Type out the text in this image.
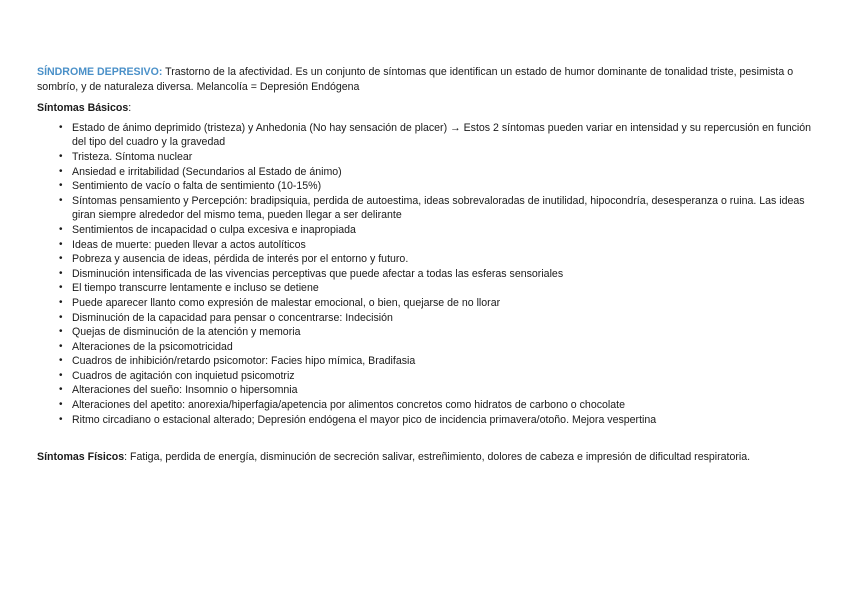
SÍNDROME DEPRESIVO: Trastorno de la afectividad. Es un conjunto de síntomas que identifican un estado de humor dominante de tonalidad triste, pesimista o sombrío, y de naturaleza diversa. Melancolía = Depresión Endógena

Síntomas Básicos:

• Estado de ánimo deprimido (tristeza) y Anhedonia (No hay sensación de placer) → Estos 2 síntomas pueden variar en intensidad y su repercusión en función del tipo del cuadro y la gravedad
• Tristeza. Síntoma nuclear
• Ansiedad e irritabilidad (Secundarios al Estado de ánimo)
• Sentimiento de vacío o falta de sentimiento (10-15%)
• Síntomas pensamiento y Percepción: bradipsiquia, perdida de autoestima, ideas sobrevaloradas de inutilidad, hipocondría, desesperanza o ruina. Las ideas giran siempre alrededor del mismo tema, pueden llegar a ser delirante
• Sentimientos de incapacidad o culpa excesiva e inapropiada
• Ideas de muerte: pueden llevar a actos autolíticos
• Pobreza y ausencia de ideas, pérdida de interés por el entorno y futuro.
• Disminución intensificada de las vivencias perceptivas que puede afectar a todas las esferas sensoriales
• El tiempo transcurre lentamente e incluso se detiene
• Puede aparecer llanto como expresión de malestar emocional, o bien, quejarse de no llorar
• Disminución de la capacidad para pensar o concentrarse: Indecisión
• Quejas de disminución de la atención y memoria
• Alteraciones de la psicomotricidad
• Cuadros de inhibición/retardo psicomotor: Facies hipo mímica, Bradifasia
• Cuadros de agitación con inquietud psicomotriz
• Alteraciones del sueño: Insomnio o hipersomnia
• Alteraciones del apetito: anorexia/hiperfagia/apetencia por alimentos concretos como hidratos de carbono o chocolate
• Ritmo circadiano o estacional alterado; Depresión endógena el mayor pico de incidencia primavera/otoño. Mejora vespertina

Síntomas Físicos: Fatiga, perdida de energía, disminución de secreción salivar, estreñimiento, dolores de cabeza e impresión de dificultad respiratoria.
